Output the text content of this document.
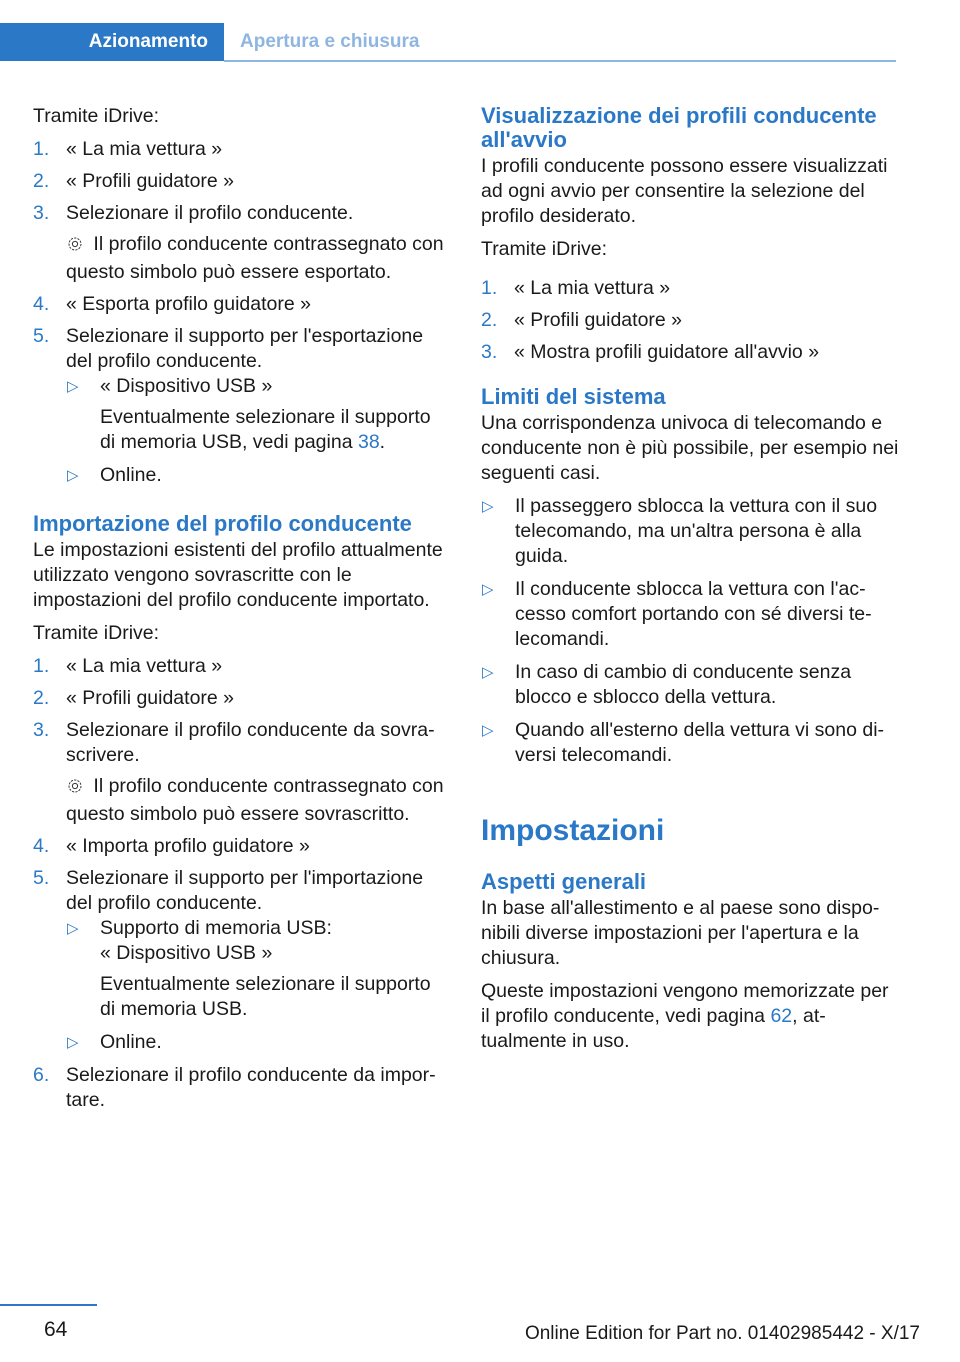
Azionamento Apertura e chiusura

Tramite iDrive:

1. « La mia vettura »
2. « Profili guidatore »
3. Selezionare il profilo conducente.
Il profilo conducente contrassegnato con questo simbolo può essere esportato.
4. « Esporta profilo guidatore »
5. Selezionare il supporto per l'esportazione del profilo conducente.
▷ « Dispositivo USB »
Eventualmente selezionare il supporto di memoria USB, vedi pagina 38.
▷ Online.
Importazione del profilo conducente

Le impostazioni esistenti del profilo attualmente utilizzato vengono sovrascritte con le impostazioni del profilo conducente importato.

Tramite iDrive:

1. « La mia vettura »
2. « Profili guidatore »
3. Selezionare il profilo conducente da sovrascrivere.
Il profilo conducente contrassegnato con questo simbolo può essere sovrascritto.
4. « Importa profilo guidatore »
5. Selezionare il supporto per l'importazione del profilo conducente.
▷ Supporto di memoria USB:
« Dispositivo USB »
Eventualmente selezionare il supporto di memoria USB.
▷ Online.
6. Selezionare il profilo conducente da importare.
Visualizzazione dei profili conducente all'avvio

I profili conducente possono essere visualizzati ad ogni avvio per consentire la selezione del profilo desiderato.

Tramite iDrive:

1. « La mia vettura »
2. « Profili guidatore »
3. « Mostra profili guidatore all'avvio »
Limiti del sistema

Una corrispondenza univoca di telecomando e conducente non è più possibile, per esempio nei seguenti casi.

▷ Il passeggero sblocca la vettura con il suo telecomando, ma un'altra persona è alla guida.
▷ Il conducente sblocca la vettura con l'accesso comfort portando con sé diversi telecomandi.
▷ In caso di cambio di conducente senza blocco e sblocco della vettura.
▷ Quando all'esterno della vettura vi sono diversi telecomandi.
Impostazioni
Aspetti generali

In base all'allestimento e al paese sono disponibili diverse impostazioni per l'apertura e la chiusura.

Queste impostazioni vengono memorizzate per il profilo conducente, vedi pagina 62, attualmente in uso.

64	Online Edition for Part no. 01402985442 - X/17
